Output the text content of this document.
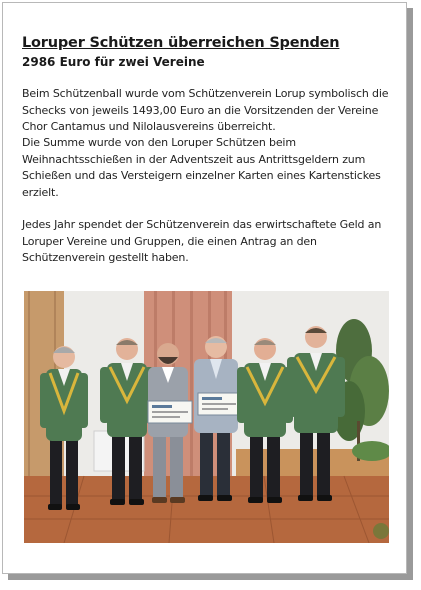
Loruper Schützen überreichen Spenden
2986 Euro für zwei Vereine

Beim Schützenball wurde vom Schützenverein Lorup symbolisch die Schecks von jeweils 1493,00 Euro an die Vorsitzenden der Vereine Chor Cantamus und Nilolausvereins überreicht.

Die Summe wurde von den Loruper Schützen beim Weihnachtsschießen in der Adventszeit aus Antrittsgeldern zum Schießen und das Versteigern einzelner Karten eines Kartenstickes erzielt.

Jedes Jahr spendet der Schützenverein das erwirtschaftete Geld an Loruper Vereine und Gruppen, die einen Antrag an den Schützenverein gestellt haben.
